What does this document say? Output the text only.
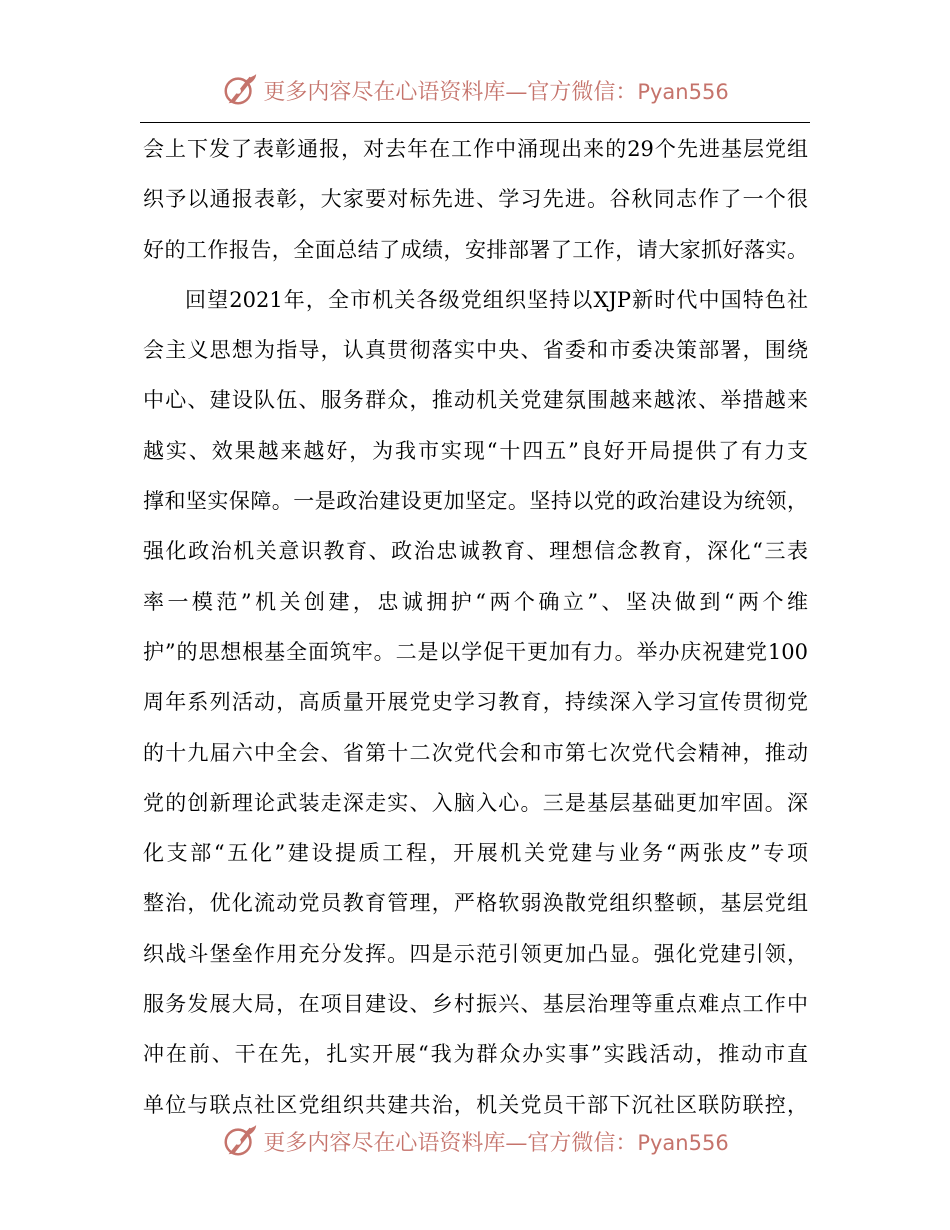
更多内容尽在心语资料库—官方微信：Pyan556
会上下发了表彰通报，对去年在工作中涌现出来的29个先进基层党组
织予以通报表彰，大家要对标先进、学习先进。谷秋同志作了一个很
好的工作报告，全面总结了成绩，安排部署了工作，请大家抓好落实。
回望2021年，全市机关各级党组织坚持以XJP新时代中国特色社
会主义思想为指导，认真贯彻落实中央、省委和市委决策部署，围绕
中心、建设队伍、服务群众，推动机关党建氛围越来越浓、举措越来
越实、效果越来越好，为我市实现“十四五”良好开局提供了有力支
撑和坚实保障。一是政治建设更加坚定。坚持以党的政治建设为统领，
强化政治机关意识教育、政治忠诚教育、理想信念教育，深化“三表
率一模范”机关创建，忠诚拥护“两个确立”、坚决做到“两个维
护”的思想根基全面筑牢。二是以学促干更加有力。举办庆祝建党100
周年系列活动，高质量开展党史学习教育，持续深入学习宣传贯彻党
的十九届六中全会、省第十二次党代会和市第七次党代会精神，推动
党的创新理论武装走深走实、入脑入心。三是基层基础更加牢固。深
化支部“五化”建设提质工程，开展机关党建与业务“两张皮”专项
整治，优化流动党员教育管理，严格软弱涣散党组织整顿，基层党组
织战斗堡垒作用充分发挥。四是示范引领更加凸显。强化党建引领，
服务发展大局，在项目建设、乡村振兴、基层治理等重点难点工作中
冲在前、干在先，扎实开展“我为群众办实事”实践活动，推动市直
单位与联点社区党组织共建共治，机关党员干部下沉社区联防联控，
更多内容尽在心语资料库—官方微信：Pyan556
